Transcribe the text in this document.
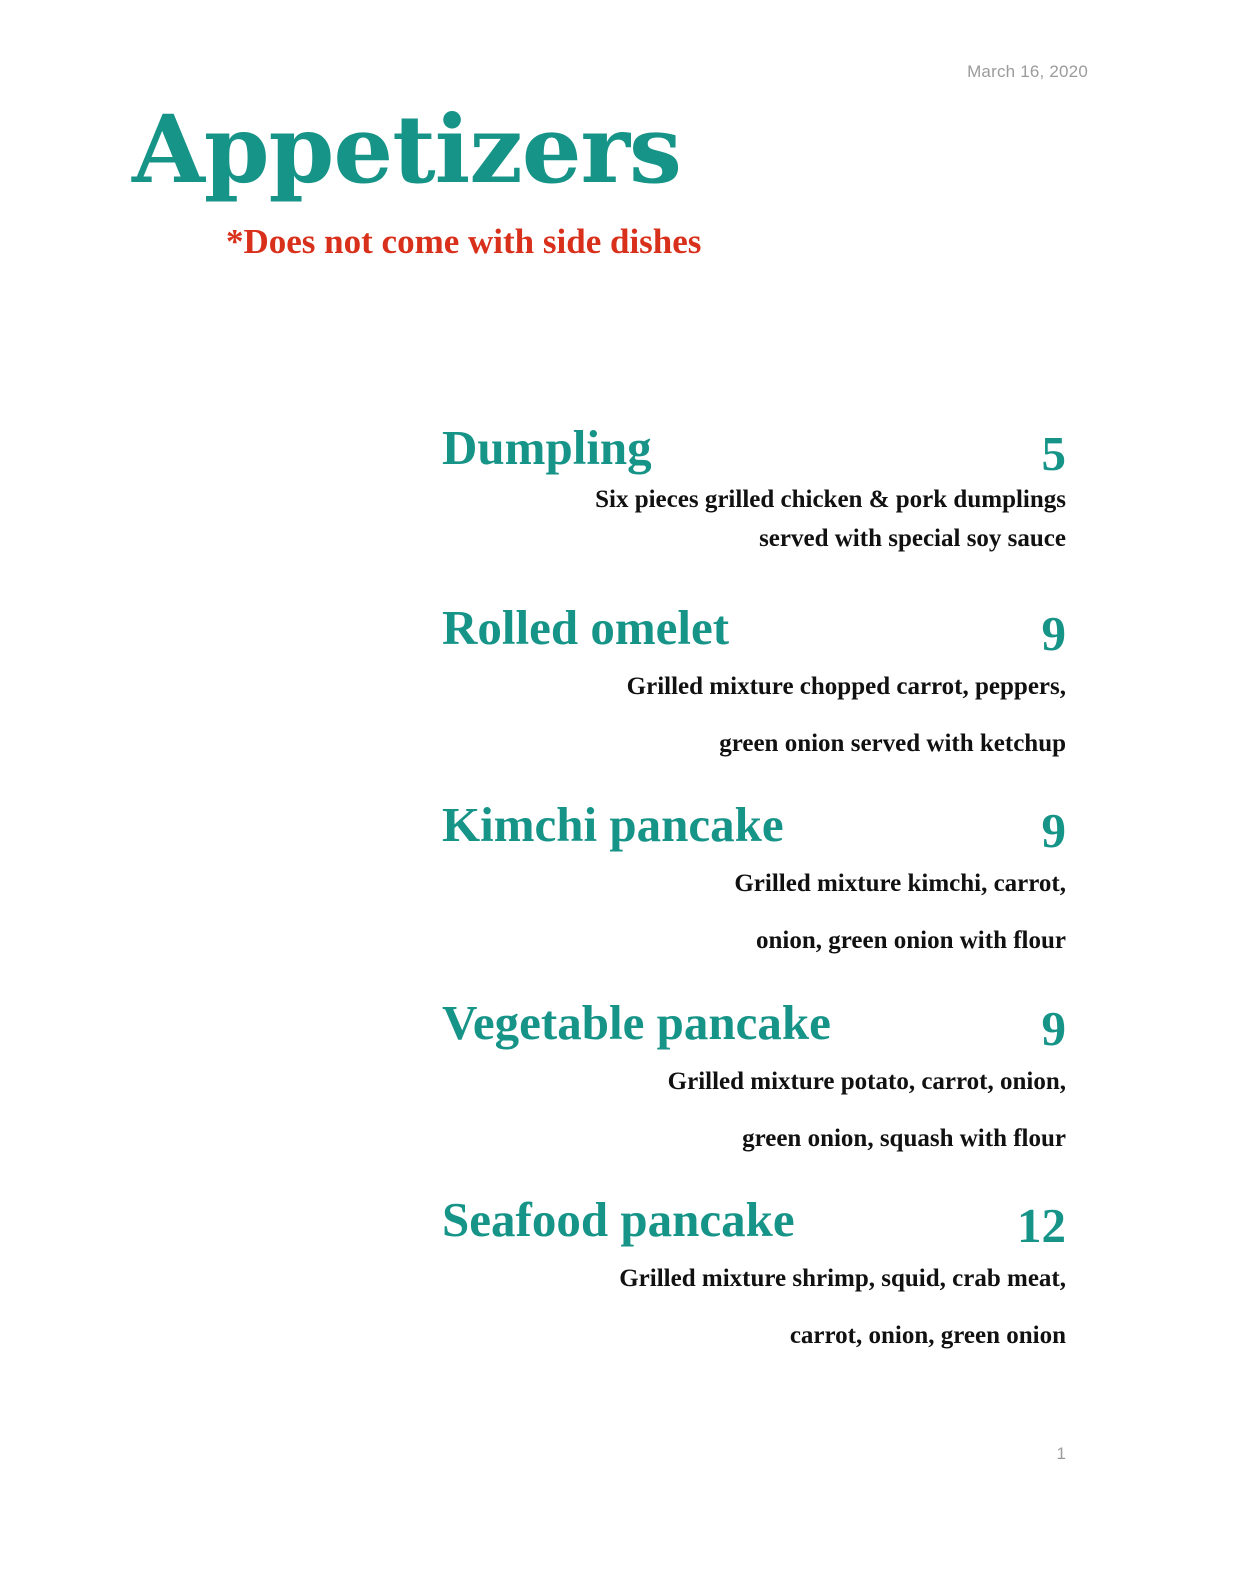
March 16, 2020
Appetizers
*Does not come with side dishes
Dumpling	5
Six pieces grilled chicken & pork dumplings
served with special soy sauce
Rolled omelet	9
Grilled mixture chopped carrot, peppers,
green onion served with ketchup
Kimchi pancake	9
Grilled mixture kimchi, carrot,
onion, green onion with flour
Vegetable pancake	9
Grilled mixture potato, carrot, onion,
green onion, squash with flour
Seafood pancake	12
Grilled mixture shrimp, squid, crab meat,
carrot, onion, green onion
1
